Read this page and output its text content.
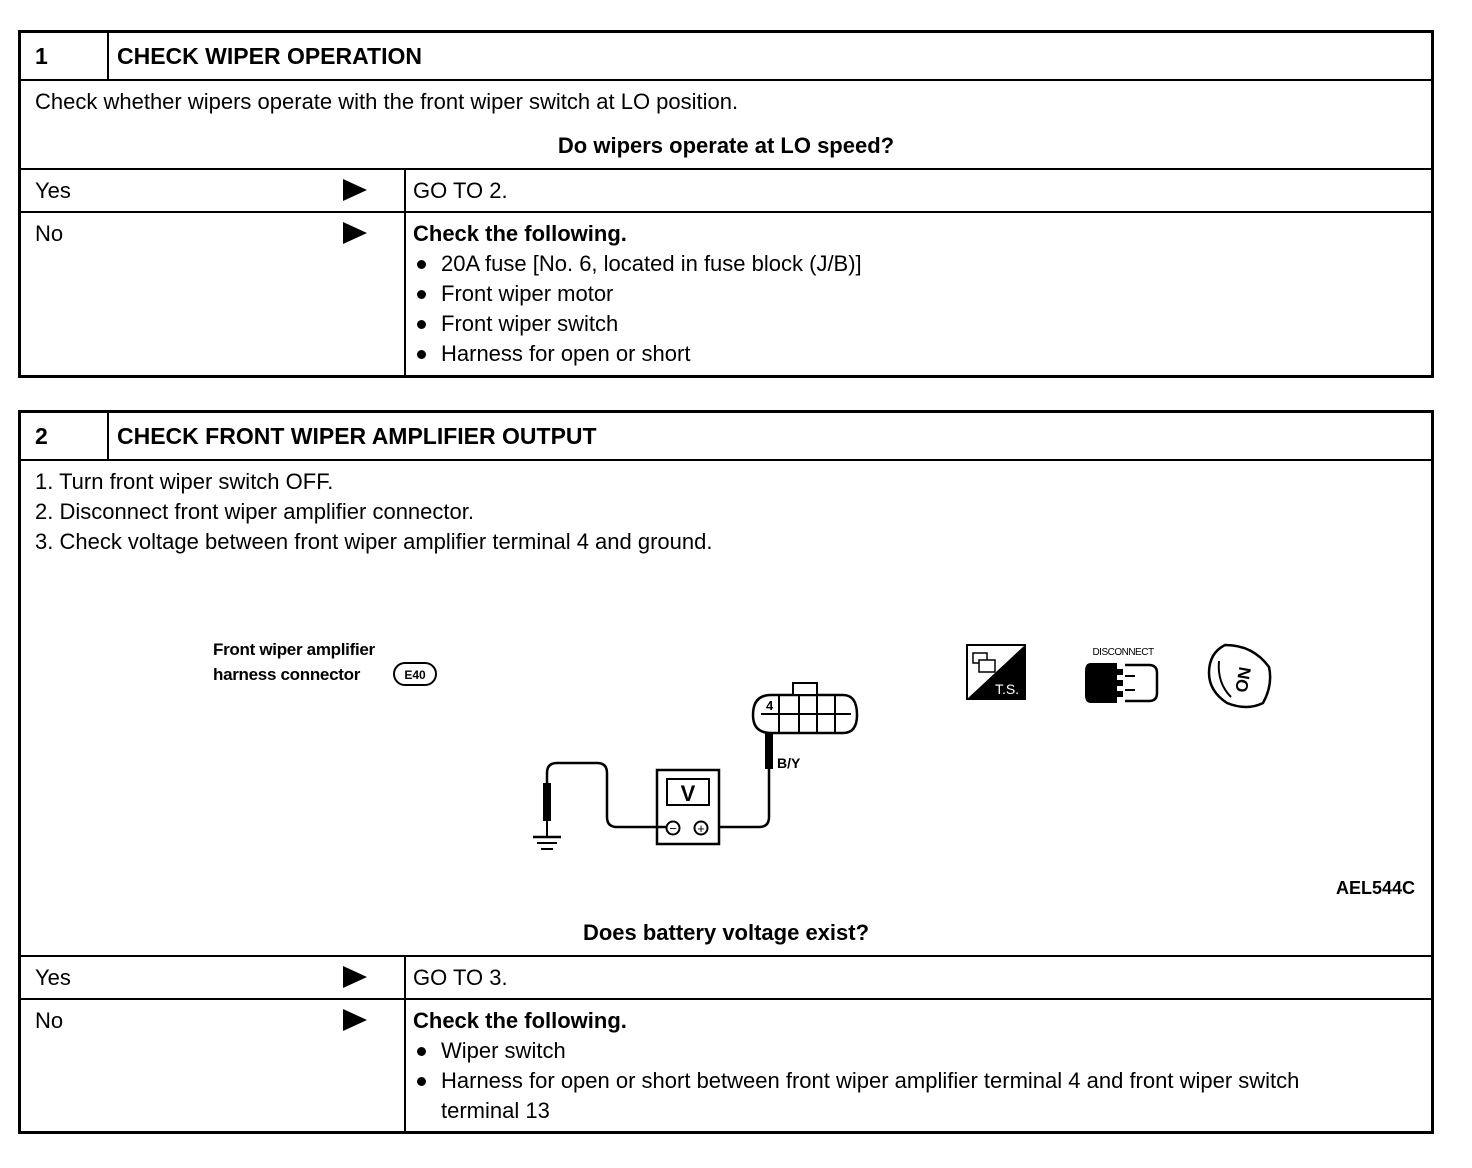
1	CHECK WIPER OPERATION
Check whether wipers operate with the front wiper switch at LO position.
Do wipers operate at LO speed?
Yes	GO TO 2.
No	Check the following.
20A fuse [No. 6, located in fuse block (J/B)]
Front wiper motor
Front wiper switch
Harness for open or short
2	CHECK FRONT WIPER AMPLIFIER OUTPUT
1. Turn front wiper switch OFF.
2. Disconnect front wiper amplifier connector.
3. Check voltage between front wiper amplifier terminal 4 and ground.
Front wiper amplifier
harness connector	E40
4
B/Y
V
− +
T.S.
DISCONNECT
ON
AEL544C
Does battery voltage exist?
Yes	GO TO 3.
No	Check the following.
Wiper switch
Harness for open or short between front wiper amplifier terminal 4 and front wiper switch terminal 13
